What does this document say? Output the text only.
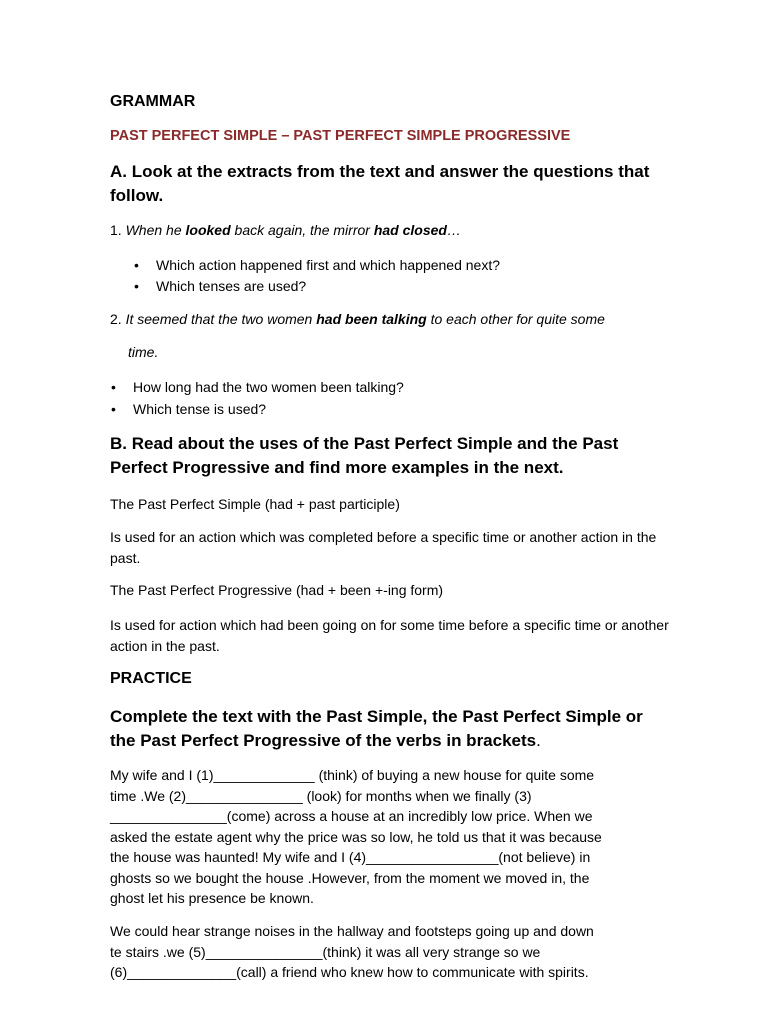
GRAMMAR
PAST PERFECT SIMPLE – PAST PERFECT SIMPLE PROGRESSIVE
A. Look at the extracts from the text and answer the questions that follow.
1. When he looked back again, the mirror had closed…
• Which action happened first and which happened next?
• Which tenses are used?
2. It seemed that the two women had been talking to each other for quite some
time.
• How long had the two women been talking?
• Which tense is used?
B. Read about the uses of the Past Perfect Simple and the Past Perfect Progressive and find more examples in the next.
The Past Perfect Simple (had + past participle)
Is used for an action which was completed before a specific time or another action in the past.
The Past Perfect Progressive (had + been +-ing form)
Is used for action which had been going on for some time before a specific time or another action in the past.
PRACTICE
Complete the text with the Past Simple, the Past Perfect Simple or the Past Perfect Progressive of the verbs in brackets.
My wife and I (1)_____________ (think) of buying a new house for quite some
time .We (2)_______________ (look) for months when we finally (3)
_______________(come) across a house at an incredibly low price. When we
asked the estate agent why the price was so low, he told us that it was because
the house was haunted! My wife and I (4)_________________(not believe) in
ghosts so we bought the house .However, from the moment we moved in, the
ghost let his presence be known.
We could hear strange noises in the hallway and footsteps going up and down
te stairs .we (5)_______________(think) it was all very strange so we
(6)______________(call) a friend who knew how to communicate with spirits.
